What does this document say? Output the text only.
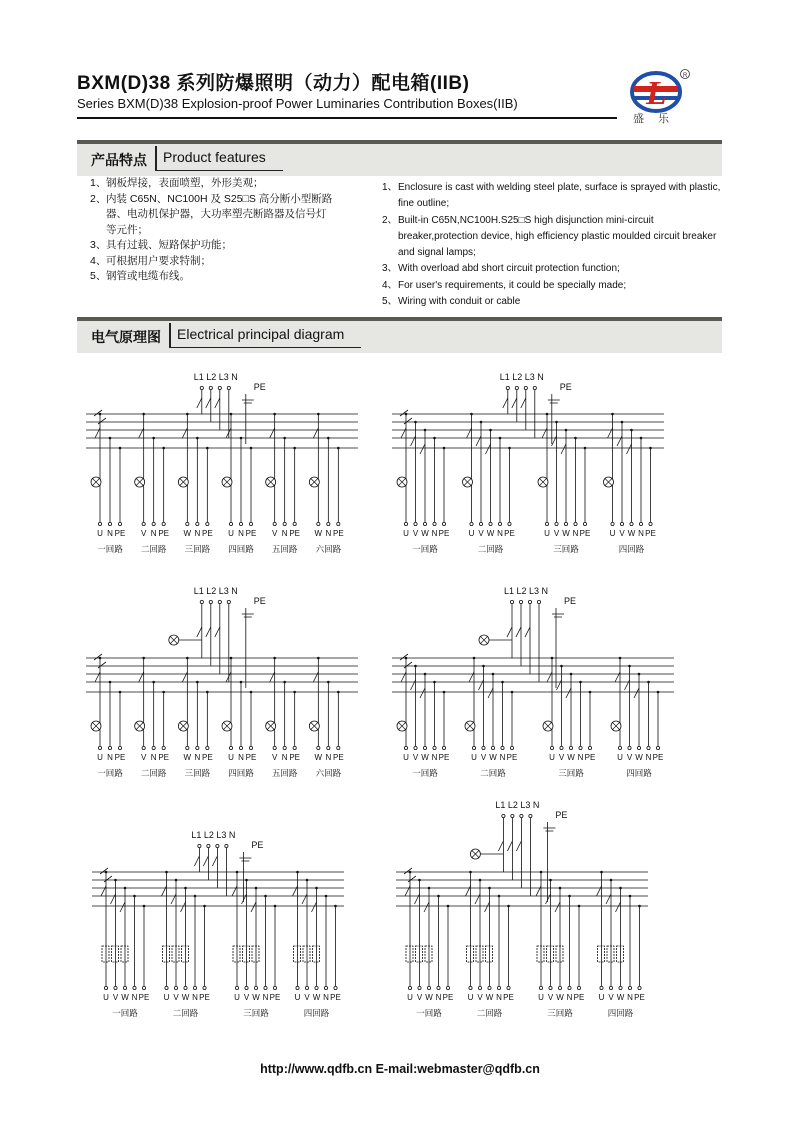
BXM(D)38 系列防爆照明（动力）配电箱(IIB)
Series BXM(D)38 Explosion-proof Power Luminaries Contribution Boxes(IIB)	L	R
盛乐
产品特点 Product features
1、钢板焊接，表面喷塑，外形美观；
2、 内装 C65N、NC100H 及 S25□S 高分断小型断路器、电动机保护器，大功率塑壳断路器及信号灯等元件；
3、具有过载、短路保护功能；
4、可根据用户要求特制；
5、钢管或电缆布线。
1、 Enclosure is cast with welding steel plate, surface is sprayed with plastic, fine outline;
2、 Built-in C65N,NC100H.S25□S high disjunction mini-circuit breaker,protection device, high efficiency plastic moulded circuit breaker and signal lamps;
3、 With overload abd short circuit protection function;
4、 For user's requirements, it could be specially made;
5、 Wiring with conduit or cable
电气原理图 Electrical principal diagram
L1 L2 L3 N
PE
U N PE
一回路
V N PE
二回路
W N PE
三回路
U N PE
四回路
V N PE
五回路
W N PE
六回路
L1 L2 L3 N
PE
U V W N PE
一回路
U V W N PE
二回路
U V W N PE
三回路
U V W N PE
四回路
L1 L2 L3 N
PE
U N PE
一回路
V N PE
二回路
W N PE
三回路
U N PE
四回路
V N PE
五回路
W N PE
六回路
L1 L2 L3 N
PE
U V W N PE
一回路
U V W N PE
二回路
U V W N PE
三回路
U V W N PE
四回路
L1 L2 L3 N
PE
U V W N PE
一回路
U V W N PE
二回路
U V W N PE
三回路
U V W N PE
四回路
L1 L2 L3 N
PE
U V W N PE
一回路
U V W N PE
二回路
U V W N PE
三回路
U V W N PE
四回路
http://www.qdfb.cn E-mail:webmaster@qdfb.cn
